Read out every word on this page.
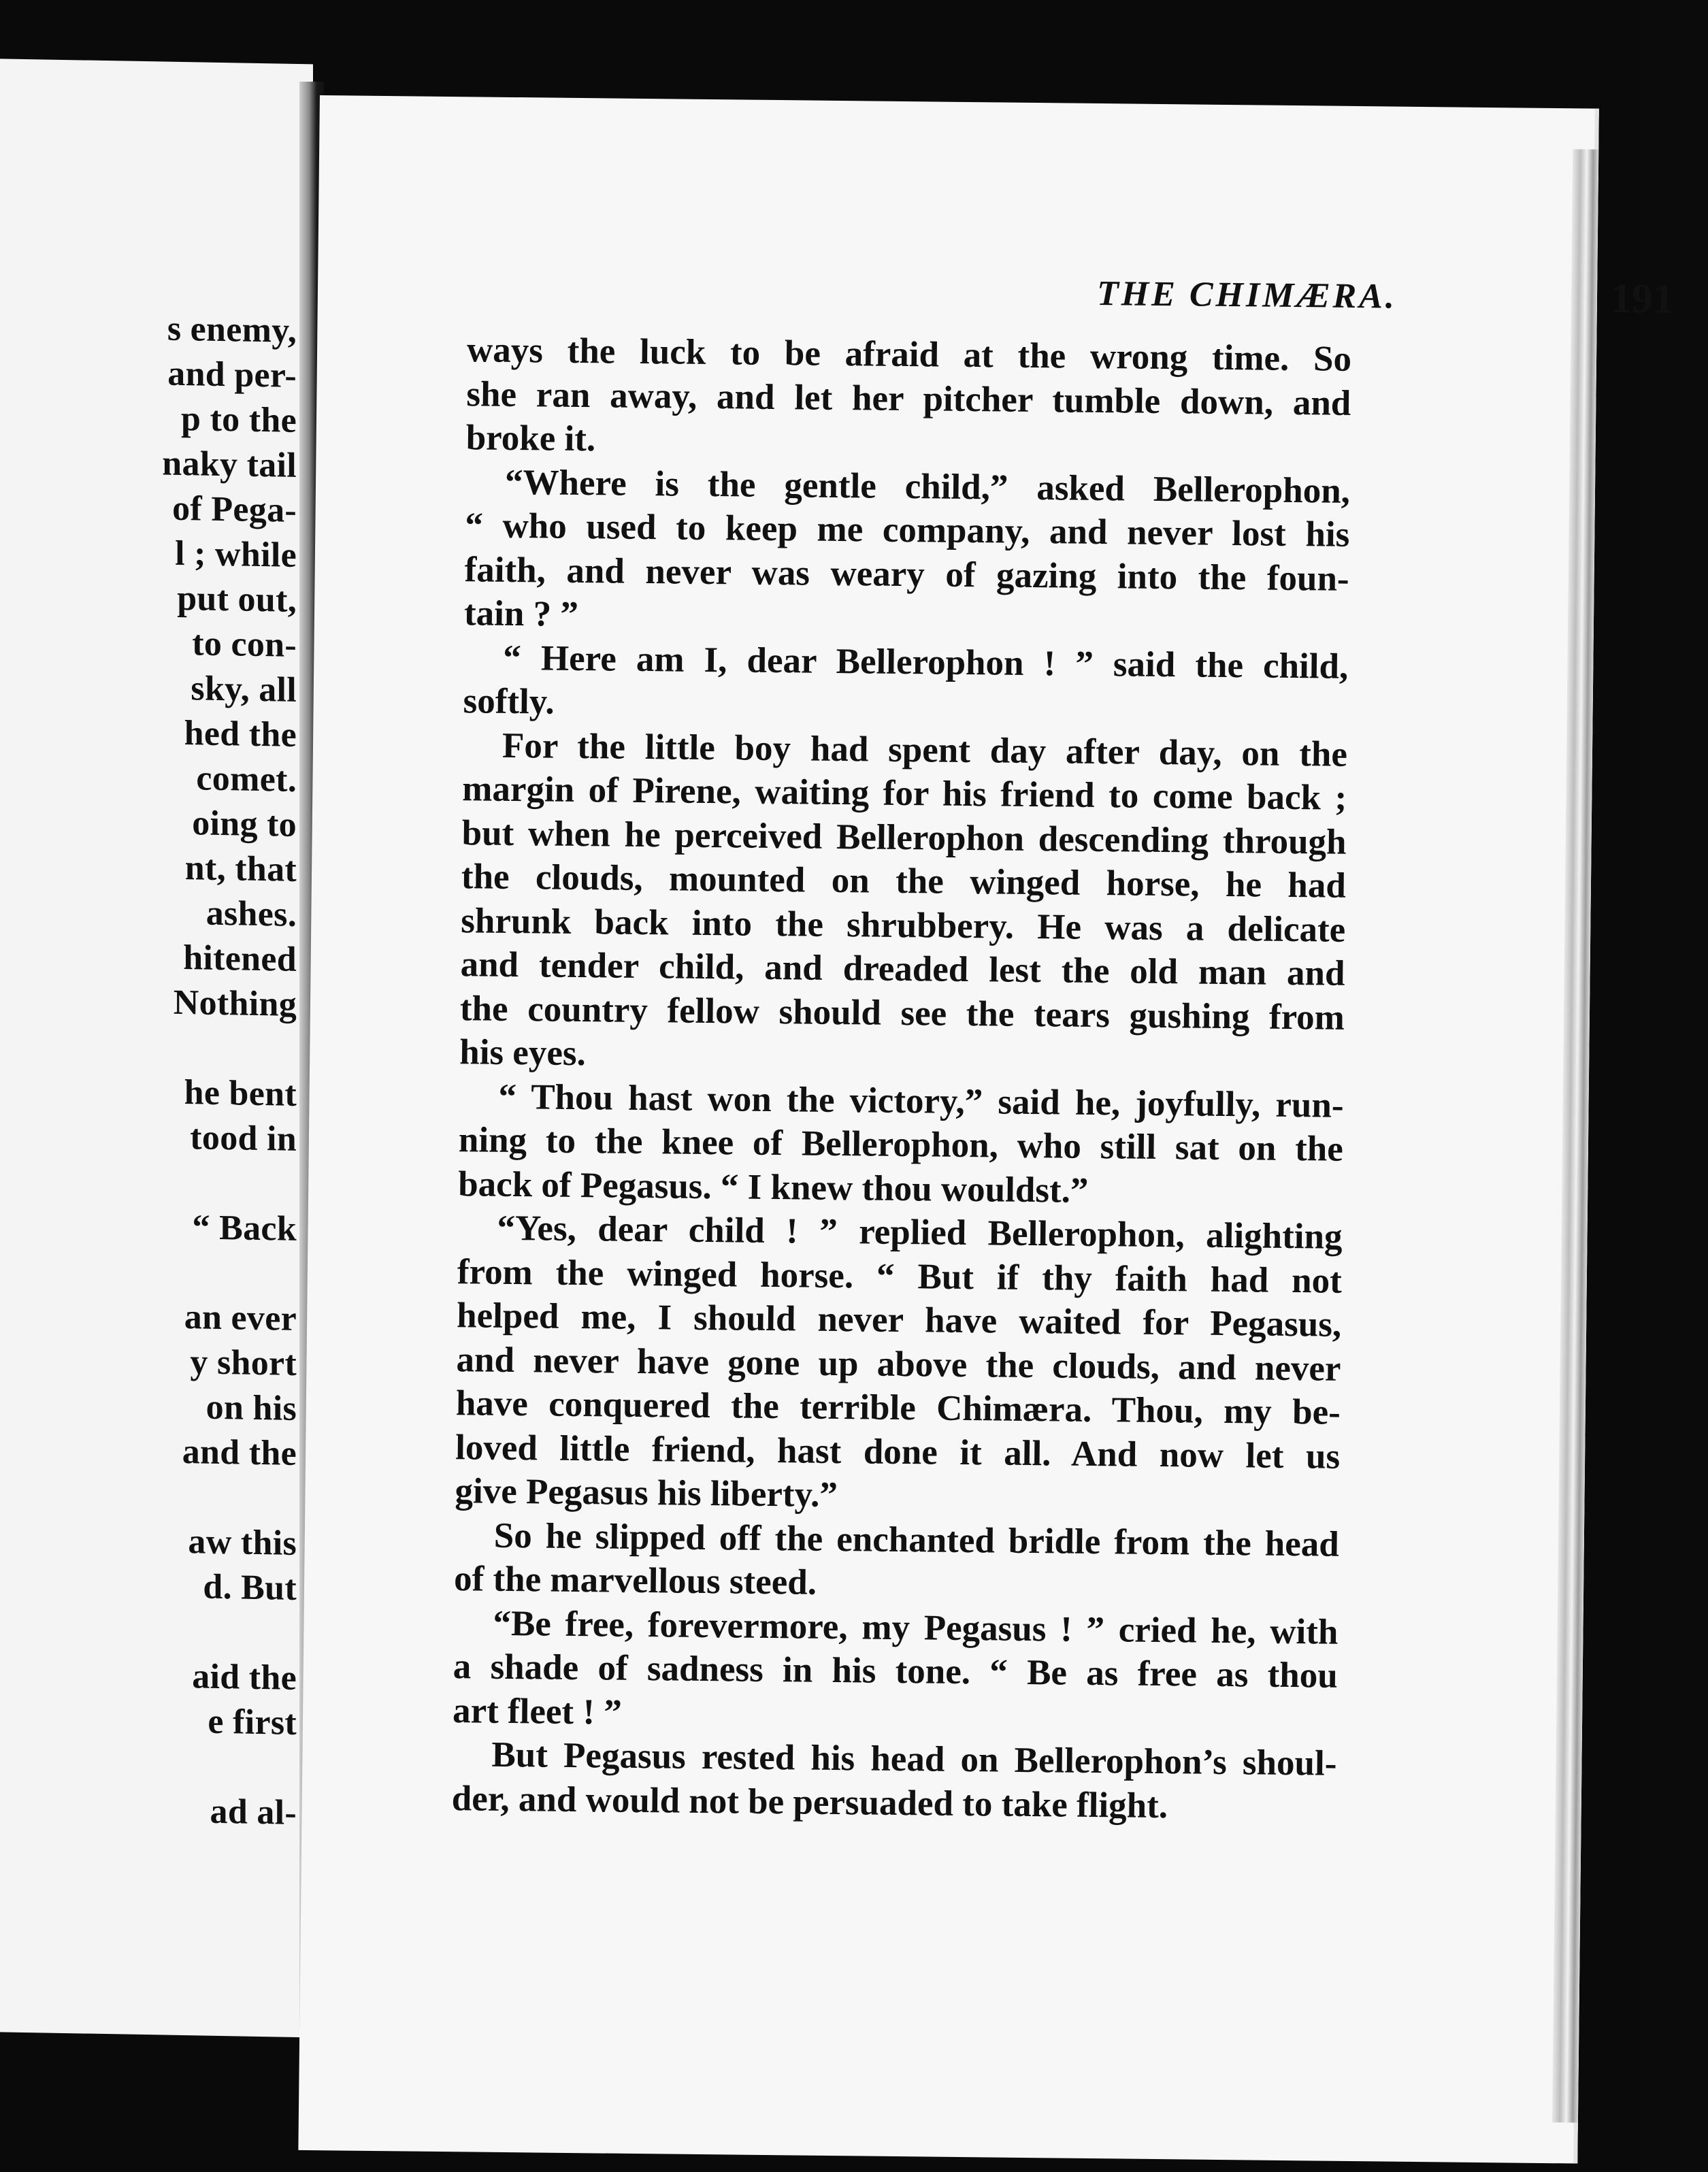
s enemy,
and per-
p to the
naky tail
of Pega-
l ; while
put out,
to con-
sky, all
hed the
comet.
oing to
nt, that
ashes.
hitened
Nothing
he bent
tood in
“ Back
an ever
y short
on his
and the
aw this
d. But
aid the
e first
ad al-
THE CHIMÆRA.	191
ways the luck to be afraid at the wrong time. So
she ran away, and let her pitcher tumble down, and
broke it.
“Where is the gentle child,” asked Bellerophon,
“ who used to keep me company, and never lost his
faith, and never was weary of gazing into the foun-
tain ? ”
“ Here am I, dear Bellerophon ! ” said the child,
softly.
For the little boy had spent day after day, on the
margin of Pirene, waiting for his friend to come back ;
but when he perceived Bellerophon descending through
the clouds, mounted on the winged horse, he had
shrunk back into the shrubbery. He was a delicate
and tender child, and dreaded lest the old man and
the country fellow should see the tears gushing from
his eyes.
“ Thou hast won the victory,” said he, joyfully, run-
ning to the knee of Bellerophon, who still sat on the
back of Pegasus. “ I knew thou wouldst.”
“Yes, dear child ! ” replied Bellerophon, alighting
from the winged horse. “ But if thy faith had not
helped me, I should never have waited for Pegasus,
and never have gone up above the clouds, and never
have conquered the terrible Chimæra. Thou, my be-
loved little friend, hast done it all. And now let us
give Pegasus his liberty.”
So he slipped off the enchanted bridle from the head
of the marvellous steed.
“Be free, forevermore, my Pegasus ! ” cried he, with
a shade of sadness in his tone. “ Be as free as thou
art fleet ! ”
But Pegasus rested his head on Bellerophon’s shoul-
der, and would not be persuaded to take flight.
